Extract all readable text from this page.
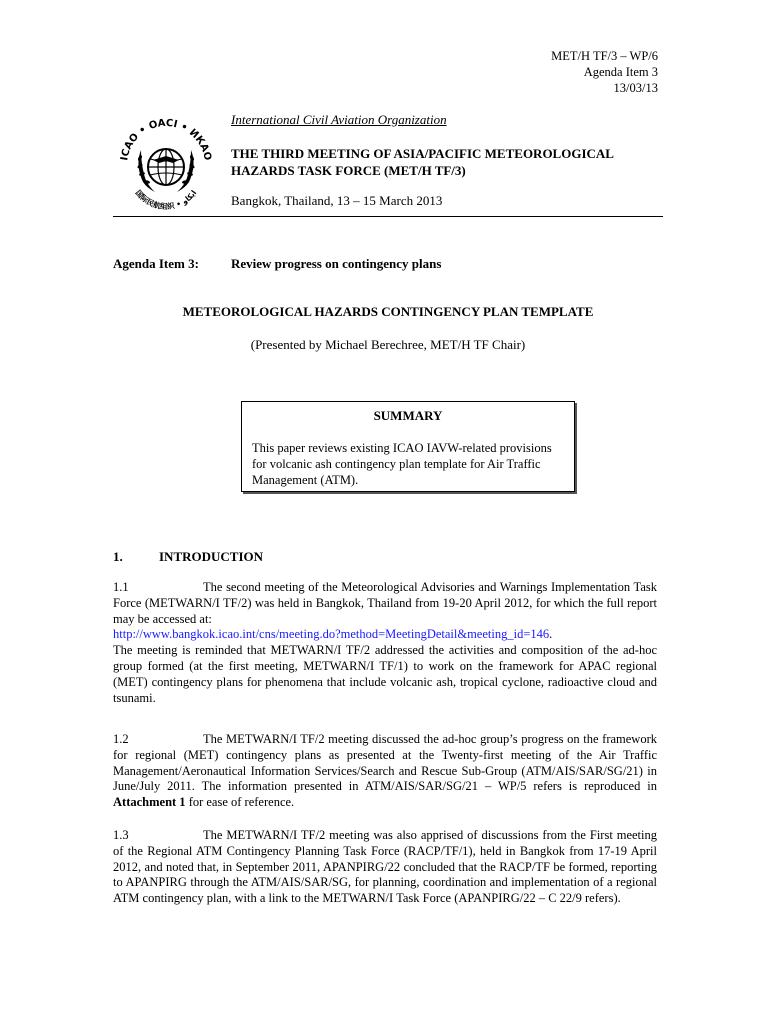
MET/H TF/3 – WP/6
Agenda Item 3
13/03/13
ICAO • OACI • ИКАО
国际民航组织 • ايكاو
International Civil Aviation Organization
THE THIRD MEETING OF ASIA/PACIFIC METEOROLOGICAL HAZARDS TASK FORCE (MET/H TF/3)
Bangkok, Thailand, 13 – 15 March 2013
Agenda Item 3: Review progress on contingency plans
METEOROLOGICAL HAZARDS CONTINGENCY PLAN TEMPLATE
(Presented by Michael Berechree, MET/H TF Chair)
SUMMARY
This paper reviews existing ICAO IAVW-related provisions for volcanic ash contingency plan template for Air Traffic Management (ATM).
1.	INTRODUCTION
1.1	The second meeting of the Meteorological Advisories and Warnings Implementation Task Force (METWARN/I TF/2) was held in Bangkok, Thailand from 19-20 April 2012, for which the full report may be accessed at:
http://www.bangkok.icao.int/cns/meeting.do?method=MeetingDetail&meeting_id=146.
The meeting is reminded that METWARN/I TF/2 addressed the activities and composition of the ad-hoc group formed (at the first meeting, METWARN/I TF/1) to work on the framework for APAC regional (MET) contingency plans for phenomena that include volcanic ash, tropical cyclone, radioactive cloud and tsunami.
1.2	The METWARN/I TF/2 meeting discussed the ad-hoc group’s progress on the framework for regional (MET) contingency plans as presented at the Twenty-first meeting of the Air Traffic Management/Aeronautical Information Services/Search and Rescue Sub-Group (ATM/AIS/SAR/SG/21) in June/July 2011. The information presented in ATM/AIS/SAR/SG/21 – WP/5 refers is reproduced in Attachment 1 for ease of reference.
1.3	The METWARN/I TF/2 meeting was also apprised of discussions from the First meeting of the Regional ATM Contingency Planning Task Force (RACP/TF/1), held in Bangkok from 17-19 April 2012, and noted that, in September 2011, APANPIRG/22 concluded that the RACP/TF be formed, reporting to APANPIRG through the ATM/AIS/SAR/SG, for planning, coordination and implementation of a regional ATM contingency plan, with a link to the METWARN/I Task Force (APANPIRG/22 – C 22/9 refers).
